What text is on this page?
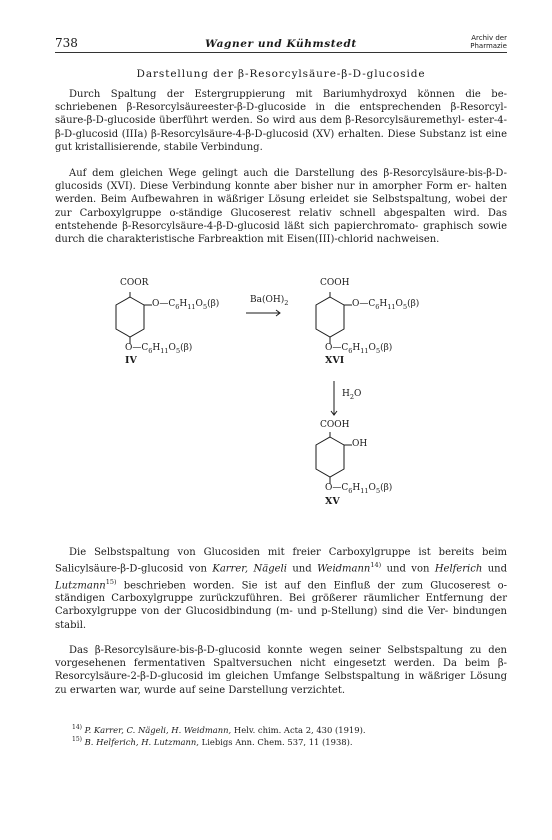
738	Wagner und Kühmstedt	Archiv der
Pharmazie
Darstellung der β-Resorcylsäure-β-D-glucoside

Durch Spaltung der Estergruppierung mit Bariumhydroxyd können die be- schriebenen β-Resorcylsäureester-β-D-glucoside in die entsprechenden β-Resorcyl- säure-β-D-glucoside überführt werden. So wird aus dem β-Resorcylsäuremethyl- ester-4-β-D-glucosid (IIIa) β-Resorcylsäure-4-β-D-glucosid (XV) erhalten. Diese Substanz ist eine gut kristallisierende, stabile Verbindung.

Auf dem gleichen Wege gelingt auch die Darstellung des β-Resorcylsäure-bis-β-D- glucosids (XVI). Diese Verbindung konnte aber bisher nur in amorpher Form er- halten werden. Beim Aufbewahren in wäßriger Lösung erleidet sie Selbstspaltung, wobei der zur Carboxylgruppe o-ständige Glucoserest relativ schnell abgespalten wird. Das entstehende β-Resorcylsäure-4-β-D-glucosid läßt sich papierchromato- graphisch sowie durch die charakteristische Farbreaktion mit Eisen(III)-chlorid nachweisen.

COOR
$O—C_6H_{11}O_5(\beta)$
$O—C_6H_{11}O_5(\beta)$
IV
$Ba(OH)_2$
COOH
$O—C_6H_{11}O_5(\beta)$
$O—C_6H_{11}O_5(\beta)$
XVI
$H_2O$
COOH
OH
$O—C_6H_{11}O_5(\beta)$
XV

Die Selbstspaltung von Glucosiden mit freier Carboxylgruppe ist bereits beim Salicylsäure-β-D-glucosid von Karrer, Nägeli und Weidmann$^{14)}$ und von Helferich und Lutzmann$^{15)}$ beschrieben worden. Sie ist auf den Einfluß der zum Glucoserest o-ständigen Carboxylgruppe zurückzuführen. Bei größerer räumlicher Entfernung der Carboxylgruppe von der Glucosidbindung (m- und p-Stellung) sind die Ver- bindungen stabil.

Das β-Resorcylsäure-bis-β-D-glucosid konnte wegen seiner Selbstspaltung zu den vorgesehenen fermentativen Spaltversuchen nicht eingesetzt werden. Da beim β- Resorcylsäure-2-β-D-glucosid im gleichen Umfange Selbstspaltung in wäßriger Lösung zu erwarten war, wurde auf seine Darstellung verzichtet.

$^{14)}$ P. Karrer, C. Nägeli, H. Weidmann, Helv. chim. Acta 2, 430 (1919).

$^{15)}$ B. Helferich, H. Lutzmann, Liebigs Ann. Chem. 537, 11 (1938).
